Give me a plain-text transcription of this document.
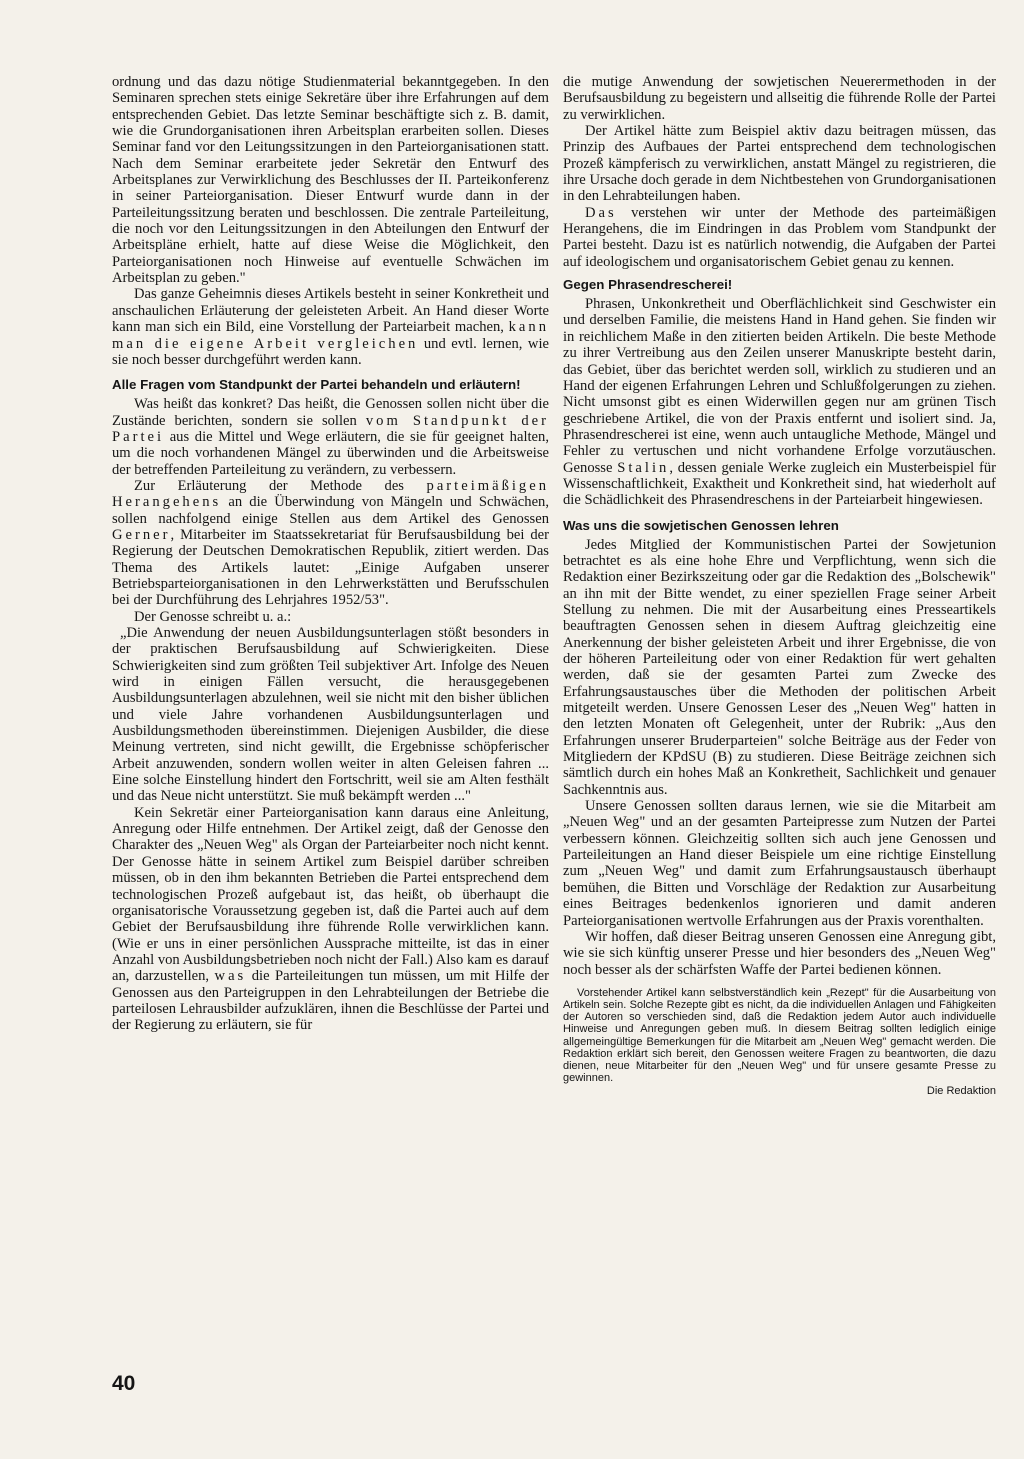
ordnung und das dazu nötige Studienmaterial bekanntgegeben. In den Seminaren sprechen stets einige Sekretäre über ihre Erfahrungen auf dem entsprechenden Gebiet. Das letzte Seminar beschäftigte sich z. B. damit, wie die Grundorganisationen ihren Arbeitsplan erarbeiten sollen. Dieses Seminar fand vor den Leitungssitzungen in den Parteiorganisationen statt. Nach dem Seminar erarbeitete jeder Sekretär den Entwurf des Arbeitsplanes zur Verwirklichung des Beschlusses der II. Parteikonferenz in seiner Parteiorganisation. Dieser Entwurf wurde dann in der Parteileitungssitzung beraten und beschlossen. Die zentrale Parteileitung, die noch vor den Leitungssitzungen in den Abteilungen den Entwurf der Arbeitspläne erhielt, hatte auf diese Weise die Möglichkeit, den Parteiorganisationen noch Hinweise auf eventuelle Schwächen im Arbeitsplan zu geben."

Das ganze Geheimnis dieses Artikels besteht in seiner Konkretheit und anschaulichen Erläuterung der geleisteten Arbeit. An Hand dieser Worte kann man sich ein Bild, eine Vorstellung der Parteiarbeit machen, kann man die eigene Arbeit vergleichen und evtl. lernen, wie sie noch besser durchgeführt werden kann.

Alle Fragen vom Standpunkt der Partei behandeln und erläutern!

Was heißt das konkret? Das heißt, die Genossen sollen nicht über die Zustände berichten, sondern sie sollen vom Standpunkt der Partei aus die Mittel und Wege erläutern, die sie für geeignet halten, um die noch vorhandenen Mängel zu überwinden und die Arbeitsweise der betreffenden Parteileitung zu verändern, zu verbessern.

Zur Erläuterung der Methode des parteimäßigen Herangehens an die Überwindung von Mängeln und Schwächen, sollen nachfolgend einige Stellen aus dem Artikel des Genossen Gerner, Mitarbeiter im Staatssekretariat für Berufsausbildung bei der Regierung der Deutschen Demokratischen Republik, zitiert werden. Das Thema des Artikels lautet: „Einige Aufgaben unserer Betriebsparteiorganisationen in den Lehrwerkstätten und Berufsschulen bei der Durchführung des Lehrjahres 1952/53".

Der Genosse schreibt u. a.:

„Die Anwendung der neuen Ausbildungsunterlagen stößt besonders in der praktischen Berufsausbildung auf Schwierigkeiten. Diese Schwierigkeiten sind zum größten Teil subjektiver Art. Infolge des Neuen wird in einigen Fällen versucht, die herausgegebenen Ausbildungsunterlagen abzulehnen, weil sie nicht mit den bisher üblichen und viele Jahre vorhandenen Ausbildungsunterlagen und Ausbildungsmethoden übereinstimmen. Diejenigen Ausbilder, die diese Meinung vertreten, sind nicht gewillt, die Ergebnisse schöpferischer Arbeit anzuwenden, sondern wollen weiter in alten Geleisen fahren ... Eine solche Einstellung hindert den Fortschritt, weil sie am Alten festhält und das Neue nicht unterstützt. Sie muß bekämpft werden ..."

Kein Sekretär einer Parteiorganisation kann daraus eine Anleitung, Anregung oder Hilfe entnehmen. Der Artikel zeigt, daß der Genosse den Charakter des „Neuen Weg" als Organ der Parteiarbeiter noch nicht kennt. Der Genosse hätte in seinem Artikel zum Beispiel darüber schreiben müssen, ob in den ihm bekannten Betrieben die Partei entsprechend dem technologischen Prozeß aufgebaut ist, das heißt, ob überhaupt die organisatorische Voraussetzung gegeben ist, daß die Partei auch auf dem Gebiet der Berufsausbildung ihre führende Rolle verwirklichen kann. (Wie er uns in einer persönlichen Aussprache mitteilte, ist das in einer Anzahl von Ausbildungsbetrieben noch nicht der Fall.) Also kam es darauf an, darzustellen, was die Parteileitungen tun müssen, um mit Hilfe der Genossen aus den Parteigruppen in den Lehrabteilungen der Betriebe die parteilosen Lehrausbilder aufzuklären, ihnen die Beschlüsse der Partei und der Regierung zu erläutern, sie für

die mutige Anwendung der sowjetischen Neuerermethoden in der Berufsausbildung zu begeistern und allseitig die führende Rolle der Partei zu verwirklichen.

Der Artikel hätte zum Beispiel aktiv dazu beitragen müssen, das Prinzip des Aufbaues der Partei entsprechend dem technologischen Prozeß kämpferisch zu verwirklichen, anstatt Mängel zu registrieren, die ihre Ursache doch gerade in dem Nichtbestehen von Grundorganisationen in den Lehrabteilungen haben.

Das verstehen wir unter der Methode des parteimäßigen Herangehens, die im Eindringen in das Problem vom Standpunkt der Partei besteht. Dazu ist es natürlich notwendig, die Aufgaben der Partei auf ideologischem und organisatorischem Gebiet genau zu kennen.

Gegen Phrasendrescherei!

Phrasen, Unkonkretheit und Oberflächlichkeit sind Geschwister ein und derselben Familie, die meistens Hand in Hand gehen. Sie finden wir in reichlichem Maße in den zitierten beiden Artikeln. Die beste Methode zu ihrer Vertreibung aus den Zeilen unserer Manuskripte besteht darin, das Gebiet, über das berichtet werden soll, wirklich zu studieren und an Hand der eigenen Erfahrungen Lehren und Schlußfolgerungen zu ziehen. Nicht umsonst gibt es einen Widerwillen gegen nur am grünen Tisch geschriebene Artikel, die von der Praxis entfernt und isoliert sind. Ja, Phrasendrescherei ist eine, wenn auch untaugliche Methode, Mängel und Fehler zu vertuschen und nicht vorhandene Erfolge vorzutäuschen. Genosse Stalin, dessen geniale Werke zugleich ein Musterbeispiel für Wissenschaftlichkeit, Exaktheit und Konkretheit sind, hat wiederholt auf die Schädlichkeit des Phrasendreschens in der Parteiarbeit hingewiesen.

Was uns die sowjetischen Genossen lehren

Jedes Mitglied der Kommunistischen Partei der Sowjetunion betrachtet es als eine hohe Ehre und Verpflichtung, wenn sich die Redaktion einer Bezirkszeitung oder gar die Redaktion des „Bolschewik" an ihn mit der Bitte wendet, zu einer speziellen Frage seiner Arbeit Stellung zu nehmen. Die mit der Ausarbeitung eines Presseartikels beauftragten Genossen sehen in diesem Auftrag gleichzeitig eine Anerkennung der bisher geleisteten Arbeit und ihrer Ergebnisse, die von der höheren Parteileitung oder von einer Redaktion für wert gehalten werden, daß sie der gesamten Partei zum Zwecke des Erfahrungsaustausches über die Methoden der politischen Arbeit mitgeteilt werden. Unsere Genossen Leser des „Neuen Weg" hatten in den letzten Monaten oft Gelegenheit, unter der Rubrik: „Aus den Erfahrungen unserer Bruderparteien" solche Beiträge aus der Feder von Mitgliedern der KPdSU (B) zu studieren. Diese Beiträge zeichnen sich sämtlich durch ein hohes Maß an Konkretheit, Sachlichkeit und genauer Sachkenntnis aus.

Unsere Genossen sollten daraus lernen, wie sie die Mitarbeit am „Neuen Weg" und an der gesamten Parteipresse zum Nutzen der Partei verbessern können. Gleichzeitig sollten sich auch jene Genossen und Parteileitungen an Hand dieser Beispiele um eine richtige Einstellung zum „Neuen Weg" und damit zum Erfahrungsaustausch überhaupt bemühen, die Bitten und Vorschläge der Redaktion zur Ausarbeitung eines Beitrages bedenkenlos ignorieren und damit anderen Parteiorganisationen wertvolle Erfahrungen aus der Praxis vorenthalten.

Wir hoffen, daß dieser Beitrag unseren Genossen eine Anregung gibt, wie sie sich künftig unserer Presse und hier besonders des „Neuen Weg" noch besser als der schärfsten Waffe der Partei bedienen können.

Vorstehender Artikel kann selbstverständlich kein „Rezept" für die Ausarbeitung von Artikeln sein. Solche Rezepte gibt es nicht, da die individuellen Anlagen und Fähigkeiten der Autoren so verschieden sind, daß die Redaktion jedem Autor auch individuelle Hinweise und Anregungen geben muß. In diesem Beitrag sollten lediglich einige allgemeingültige Bemerkungen für die Mitarbeit am „Neuen Weg" gemacht werden. Die Redaktion erklärt sich bereit, den Genossen weitere Fragen zu beantworten, die dazu dienen, neue Mitarbeiter für den „Neuen Weg" und für unsere gesamte Presse zu gewinnen.
Die Redaktion
40
